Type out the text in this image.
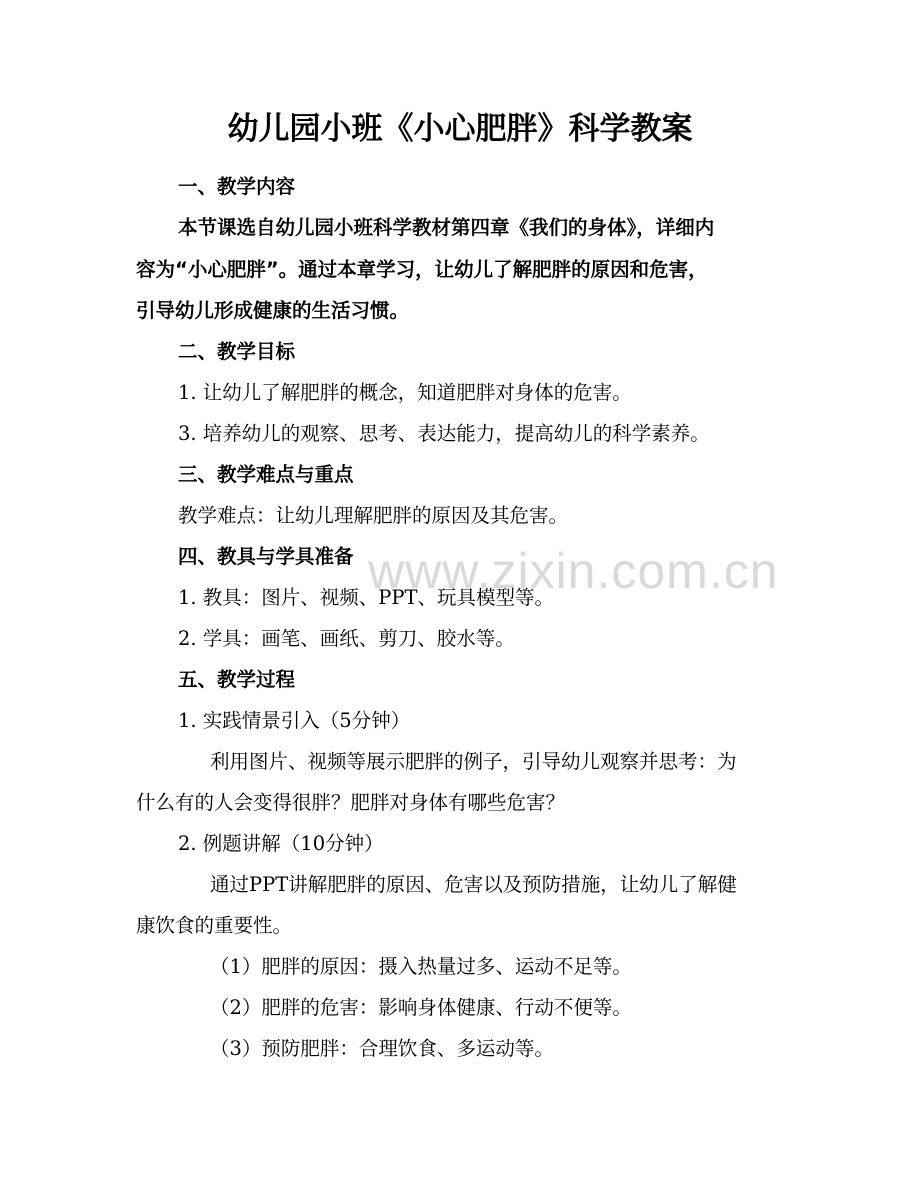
www.zixin.com.cn
幼儿园小班《小心肥胖》科学教案
一、教学内容
本节课选自幼儿园小班科学教材第四章《我们的身体》，详细内
容为“小心肥胖”。通过本章学习，让幼儿了解肥胖的原因和危害，
引导幼儿形成健康的生活习惯。
二、教学目标
1. 让幼儿了解肥胖的概念，知道肥胖对身体的危害。
3. 培养幼儿的观察、思考、表达能力，提高幼儿的科学素养。
三、教学难点与重点
教学难点：让幼儿理解肥胖的原因及其危害。
四、教具与学具准备
1. 教具：图片、视频、PPT、玩具模型等。
2. 学具：画笔、画纸、剪刀、胶水等。
五、教学过程
1. 实践情景引入（5分钟）
利用图片、视频等展示肥胖的例子，引导幼儿观察并思考：为
什么有的人会变得很胖？肥胖对身体有哪些危害？
2. 例题讲解（10分钟）
通过PPT讲解肥胖的原因、危害以及预防措施，让幼儿了解健
康饮食的重要性。
（1）肥胖的原因：摄入热量过多、运动不足等。
（2）肥胖的危害：影响身体健康、行动不便等。
（3）预防肥胖：合理饮食、多运动等。
